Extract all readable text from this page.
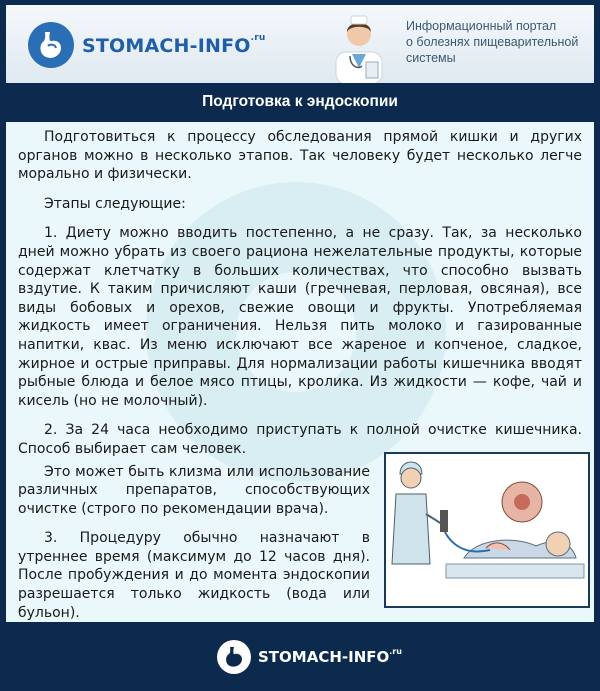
STOMACH-$INFO^{.ru}$
Информационный портал
о болезнях пищеварительной
системы
Подготовка к эндоскопии

Подготовиться к процессу обследования прямой кишки и других органов можно в несколько этапов. Так человеку будет несколько легче морально и физически.

Этапы следующие:

1. Диету можно вводить постепенно, а не сразу. Так, за несколько дней можно убрать из своего рациона нежелательные продукты, которые содержат клетчатку в больших количествах, что способно вызвать вздутие. К таким причисляют каши (гречневая, перловая, овсяная), все виды бобовых и орехов, свежие овощи и фрукты. Употребляемая жидкость имеет ограничения. Нельзя пить молоко и газированные напитки, квас. Из меню исключают все жареное и копченое, сладкое, жирное и острые приправы. Для нормализации работы кишечника вводят рыбные блюда и белое мясо птицы, кролика. Из жидкости — кофе, чай и кисель (но не молочный).

2. За 24 часа необходимо приступать к полной очистке кишечника. Способ выбирает сам человек.

Это может быть клизма или использование различных препаратов, способствующих очистке (строго по рекомендации врача).

3. Процедуру обычно назначают в утреннее время (максимум до 12 часов дня). После пробуждения и до момента эндоскопии разрешается только жидкость (вода или бульон).

STOMACH-$INFO^{.ru}$
